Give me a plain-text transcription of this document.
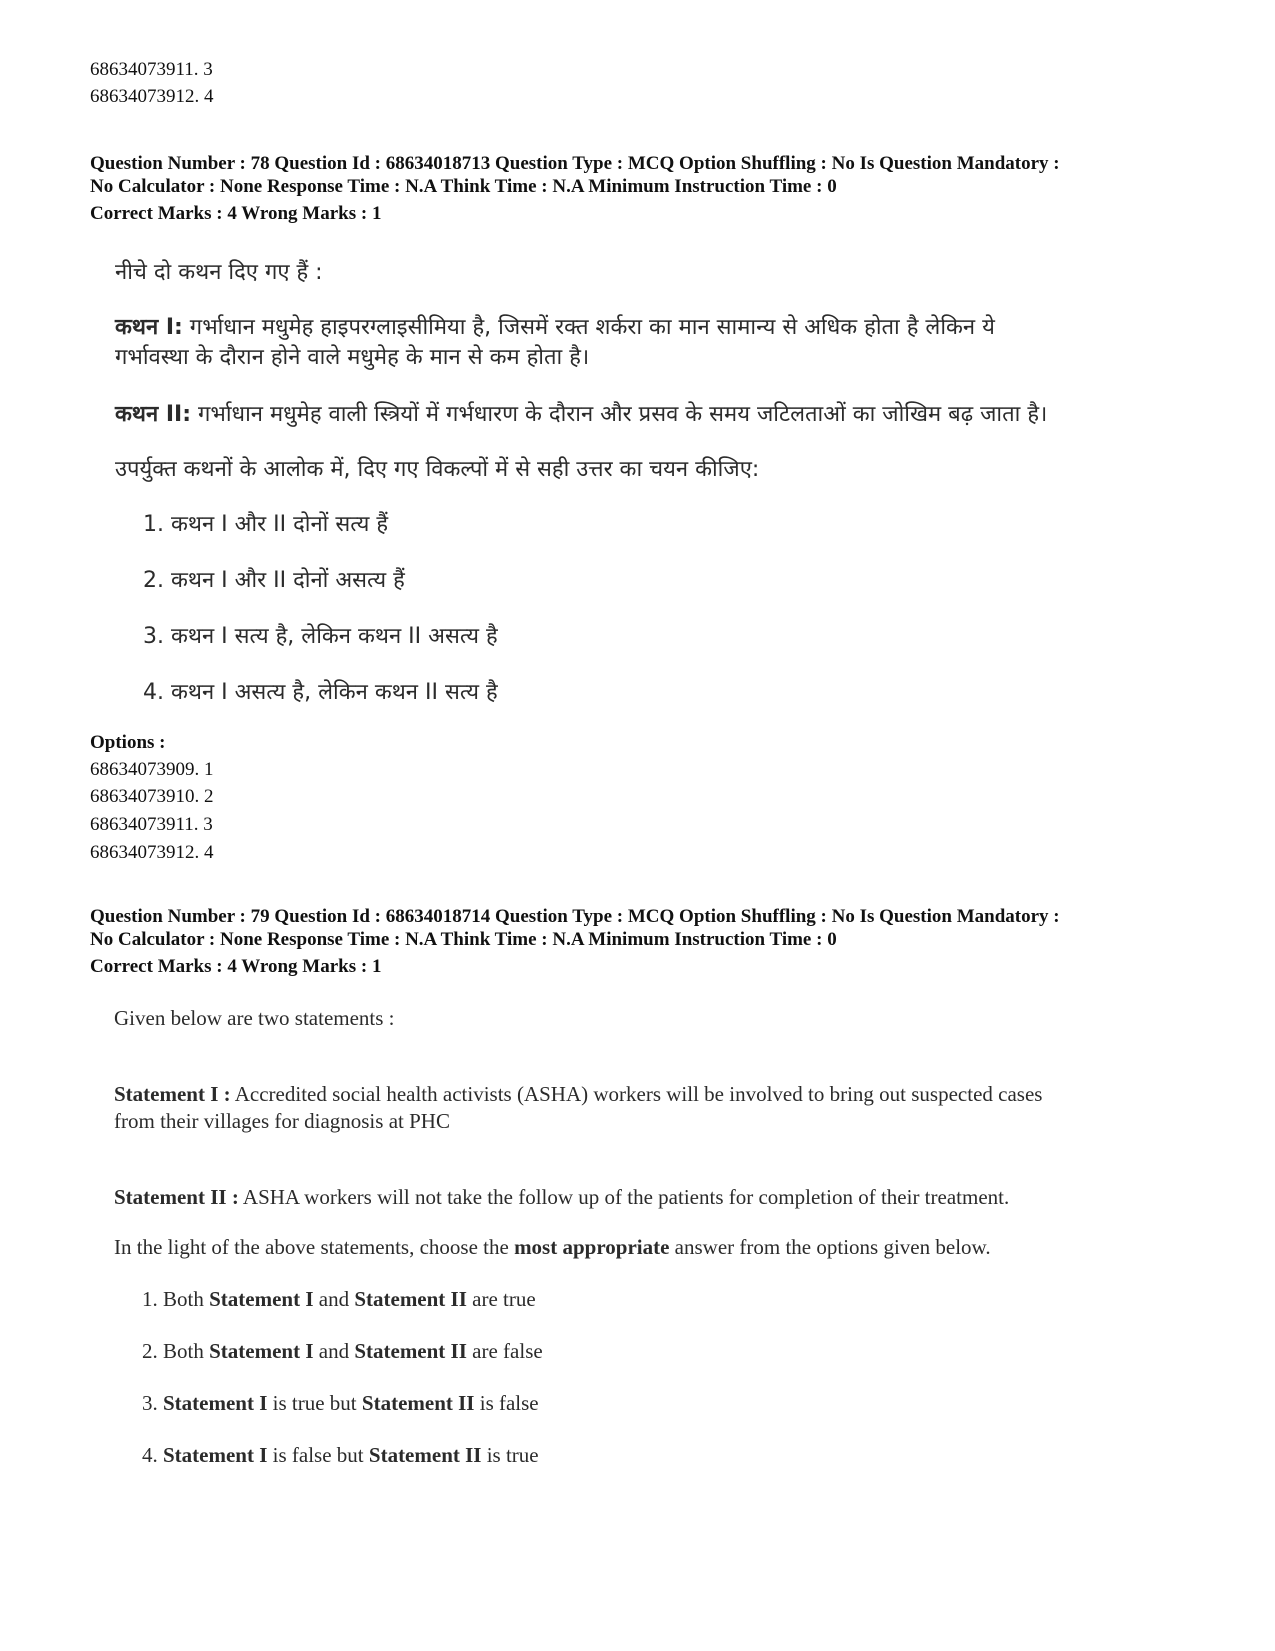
68634073911. 3
68634073912. 4
Question Number : 78 Question Id : 68634018713 Question Type : MCQ Option Shuffling : No Is Question Mandatory :
No Calculator : None Response Time : N.A Think Time : N.A Minimum Instruction Time : 0
Correct Marks : 4 Wrong Marks : 1
नीचे दो कथन दिए गए हैं :
कथन I: गर्भाधान मधुमेह हाइपरग्लाइसीमिया है, जिसमें रक्त शर्करा का मान सामान्य से अधिक होता है लेकिन ये
गर्भावस्था के दौरान होने वाले मधुमेह के मान से कम होता है।
कथन II: गर्भाधान मधुमेह वाली स्त्रियों में गर्भधारण के दौरान और प्रसव के समय जटिलताओं का जोखिम बढ़ जाता है।
उपर्युक्त कथनों के आलोक में, दिए गए विकल्पों में से सही उत्तर का चयन कीजिए:
1. कथन I और II दोनों सत्य हैं
2. कथन I और II दोनों असत्य हैं
3. कथन I सत्य है, लेकिन कथन II असत्य है
4. कथन I असत्य है, लेकिन कथन II सत्य है
Options :
68634073909. 1
68634073910. 2
68634073911. 3
68634073912. 4
Question Number : 79 Question Id : 68634018714 Question Type : MCQ Option Shuffling : No Is Question Mandatory :
No Calculator : None Response Time : N.A Think Time : N.A Minimum Instruction Time : 0
Correct Marks : 4 Wrong Marks : 1
Given below are two statements :
Statement I : Accredited social health activists (ASHA) workers will be involved to bring out suspected cases
from their villages for diagnosis at PHC
Statement II : ASHA workers will not take the follow up of the patients for completion of their treatment.
In the light of the above statements, choose the most appropriate answer from the options given below.
1. Both Statement I and Statement II are true
2. Both Statement I and Statement II are false
3. Statement I is true but Statement II is false
4. Statement I is false but Statement II is true
